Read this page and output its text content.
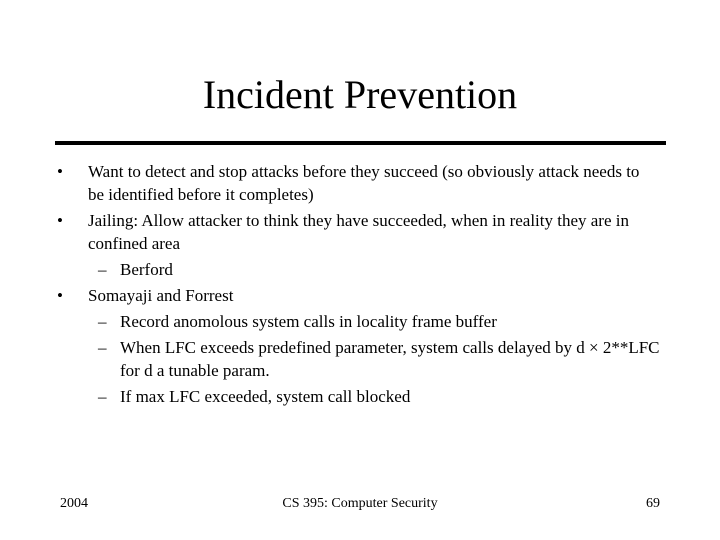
Incident Prevention
• Want to detect and stop attacks before they succeed (so obviously attack needs to be identified before it completes)
• Jailing: Allow attacker to think they have succeeded, when in reality they are in confined area
– Berford
• Somayaji and Forrest
– Record anomolous system calls in locality frame buffer
– When LFC exceeds predefined parameter, system calls delayed by d × 2**LFC for d a tunable param.
– If max LFC exceeded, system call blocked
2004	CS 395: Computer Security	69
